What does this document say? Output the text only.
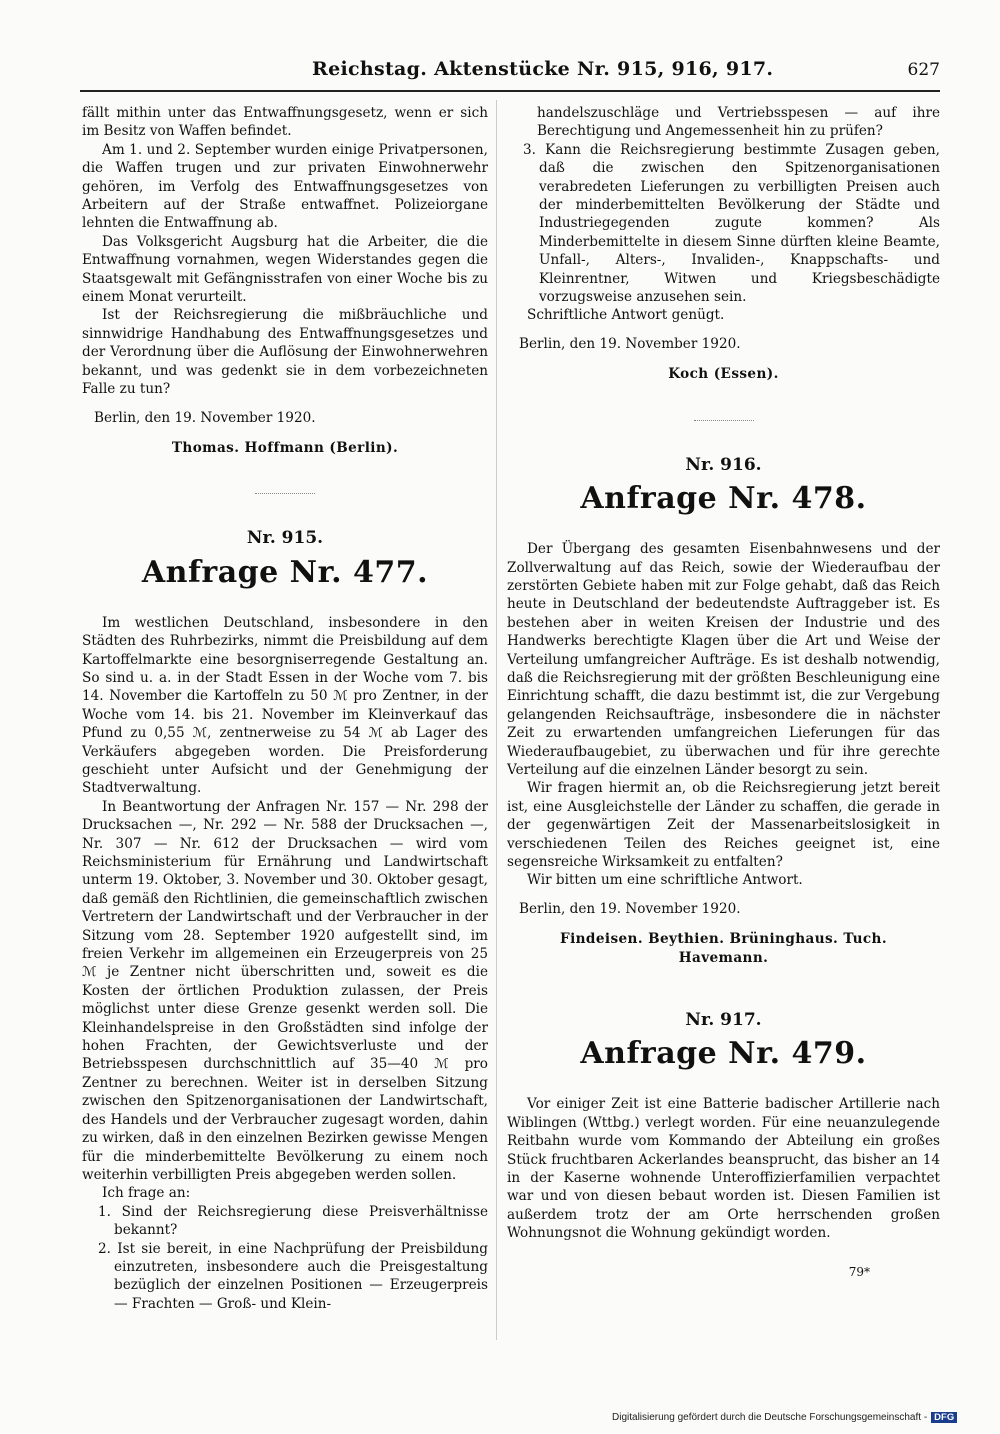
Reichstag. Aktenstücke Nr. 915, 916, 917.	627

fällt mithin unter das Entwaffnungsgesetz, wenn er sich im Besitz von Waffen befindet.

Am 1. und 2. September wurden einige Privatpersonen, die Waffen trugen und zur privaten Einwohnerwehr gehören, im Verfolg des Entwaffnungsgesetzes von Arbeitern auf der Straße entwaffnet. Polizeiorgane lehnten die Entwaffnung ab.

Das Volksgericht Augsburg hat die Arbeiter, die die Entwaffnung vornahmen, wegen Widerstandes gegen die Staatsgewalt mit Gefängnisstrafen von einer Woche bis zu einem Monat verurteilt.

Ist der Reichsregierung die mißbräuchliche und sinnwidrige Handhabung des Entwaffnungsgesetzes und der Verordnung über die Auflösung der Einwohnerwehren bekannt, und was gedenkt sie in dem vorbezeichneten Falle zu tun?

Berlin, den 19. November 1920.

Thomas. Hoffmann (Berlin).

Nr. 915.
Anfrage Nr. 477.

Im westlichen Deutschland, insbesondere in den Städten des Ruhrbezirks, nimmt die Preisbildung auf dem Kartoffelmarkte eine besorgniserregende Gestaltung an. So sind u. a. in der Stadt Essen in der Woche vom 7. bis 14. November die Kartoffeln zu 50 ℳ pro Zentner, in der Woche vom 14. bis 21. November im Kleinverkauf das Pfund zu 0,55 ℳ, zentnerweise zu 54 ℳ ab Lager des Verkäufers abgegeben worden. Die Preisforderung geschieht unter Aufsicht und der Genehmigung der Stadtverwaltung.

In Beantwortung der Anfragen Nr. 157 — Nr. 298 der Drucksachen —, Nr. 292 — Nr. 588 der Drucksachen —, Nr. 307 — Nr. 612 der Drucksachen — wird vom Reichsministerium für Ernährung und Landwirtschaft unterm 19. Oktober, 3. November und 30. Oktober gesagt, daß gemäß den Richtlinien, die gemeinschaftlich zwischen Vertretern der Landwirtschaft und der Verbraucher in der Sitzung vom 28. September 1920 aufgestellt sind, im freien Verkehr im allgemeinen ein Erzeugerpreis von 25 ℳ je Zentner nicht überschritten und, soweit es die Kosten der örtlichen Produktion zulassen, der Preis möglichst unter diese Grenze gesenkt werden soll. Die Kleinhandelspreise in den Großstädten sind infolge der hohen Frachten, der Gewichtsverluste und der Betriebsspesen durchschnittlich auf 35—40 ℳ pro Zentner zu berechnen. Weiter ist in derselben Sitzung zwischen den Spitzenorganisationen der Landwirtschaft, des Handels und der Verbraucher zugesagt worden, dahin zu wirken, daß in den einzelnen Bezirken gewisse Mengen für die minderbemittelte Bevölkerung zu einem noch weiterhin verbilligten Preis abgegeben werden sollen.

Ich frage an:

1. Sind der Reichsregierung diese Preisverhältnisse bekannt?

2. Ist sie bereit, in eine Nachprüfung der Preisbildung einzutreten, insbesondere auch die Preisgestaltung bezüglich der einzelnen Positionen — Erzeugerpreis — Frachten — Groß- und Klein-

handelszuschläge und Vertriebsspesen — auf ihre Berechtigung und Angemessenheit hin zu prüfen?

3. Kann die Reichsregierung bestimmte Zusagen geben, daß die zwischen den Spitzenorganisationen verabredeten Lieferungen zu verbilligten Preisen auch der minderbemittelten Bevölkerung der Städte und Industriegegenden zugute kommen? Als Minderbemittelte in diesem Sinne dürften kleine Beamte, Unfall-, Alters-, Invaliden-, Knappschafts- und Kleinrentner, Witwen und Kriegsbeschädigte vorzugsweise anzusehen sein.

Schriftliche Antwort genügt.

Berlin, den 19. November 1920.

Koch (Essen).

Nr. 916.
Anfrage Nr. 478.

Der Übergang des gesamten Eisenbahnwesens und der Zollverwaltung auf das Reich, sowie der Wiederaufbau der zerstörten Gebiete haben mit zur Folge gehabt, daß das Reich heute in Deutschland der bedeutendste Auftraggeber ist. Es bestehen aber in weiten Kreisen der Industrie und des Handwerks berechtigte Klagen über die Art und Weise der Verteilung umfangreicher Aufträge. Es ist deshalb notwendig, daß die Reichsregierung mit der größten Beschleunigung eine Einrichtung schafft, die dazu bestimmt ist, die zur Vergebung gelangenden Reichsaufträge, insbesondere die in nächster Zeit zu erwartenden umfangreichen Lieferungen für das Wiederaufbaugebiet, zu überwachen und für ihre gerechte Verteilung auf die einzelnen Länder besorgt zu sein.

Wir fragen hiermit an, ob die Reichsregierung jetzt bereit ist, eine Ausgleichstelle der Länder zu schaffen, die gerade in der gegenwärtigen Zeit der Massenarbeitslosigkeit in verschiedenen Teilen des Reiches geeignet ist, eine segensreiche Wirksamkeit zu entfalten?

Wir bitten um eine schriftliche Antwort.

Berlin, den 19. November 1920.

Findeisen. Beythien. Brüninghaus. Tuch.

Havemann.

Nr. 917.
Anfrage Nr. 479.

Vor einiger Zeit ist eine Batterie badischer Artillerie nach Wiblingen (Wttbg.) verlegt worden. Für eine neuanzulegende Reitbahn wurde vom Kommando der Abteilung ein großes Stück fruchtbaren Ackerlandes beansprucht, das bisher an 14 in der Kaserne wohnende Unteroffizierfamilien verpachtet war und von diesen bebaut worden ist. Diesen Familien ist außerdem trotz der am Orte herrschenden großen Wohnungsnot die Wohnung gekündigt worden.

79*

Digitalisierung gefördert durch die Deutsche Forschungsgemeinschaft - DFG
